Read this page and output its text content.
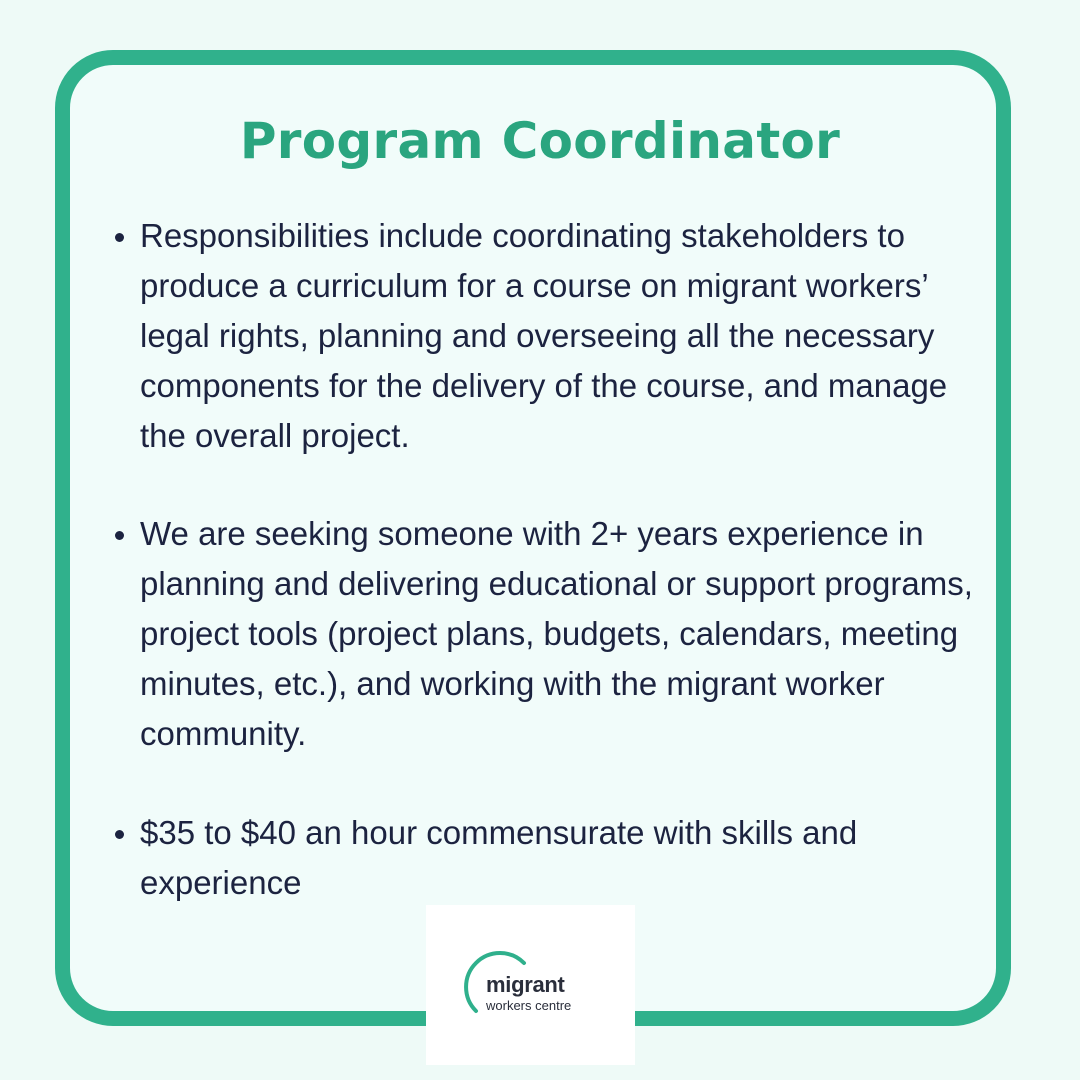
Program Coordinator
Responsibilities include coordinating stakeholders to produce a curriculum for a course on migrant workers’ legal rights, planning and overseeing all the necessary components for the delivery of the course, and manage the overall project.
We are seeking someone with 2+ years experience in planning and delivering educational or support programs, project tools (project plans, budgets, calendars, meeting minutes, etc.), and working with the migrant worker community.
$35 to $40 an hour commensurate with skills and experience
migrant
workers centre
